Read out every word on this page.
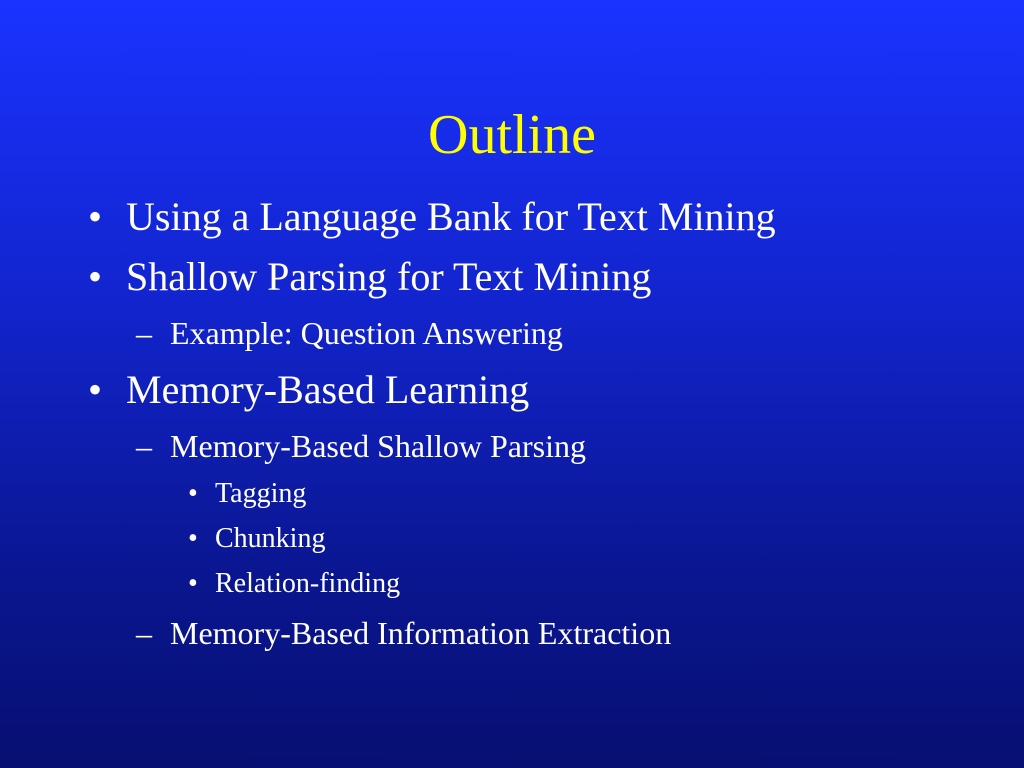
Outline
• Using a Language Bank for Text Mining
• Shallow Parsing for Text Mining
– Example: Question Answering
• Memory-Based Learning
– Memory-Based Shallow Parsing
• Tagging
• Chunking
• Relation-finding
– Memory-Based Information Extraction
